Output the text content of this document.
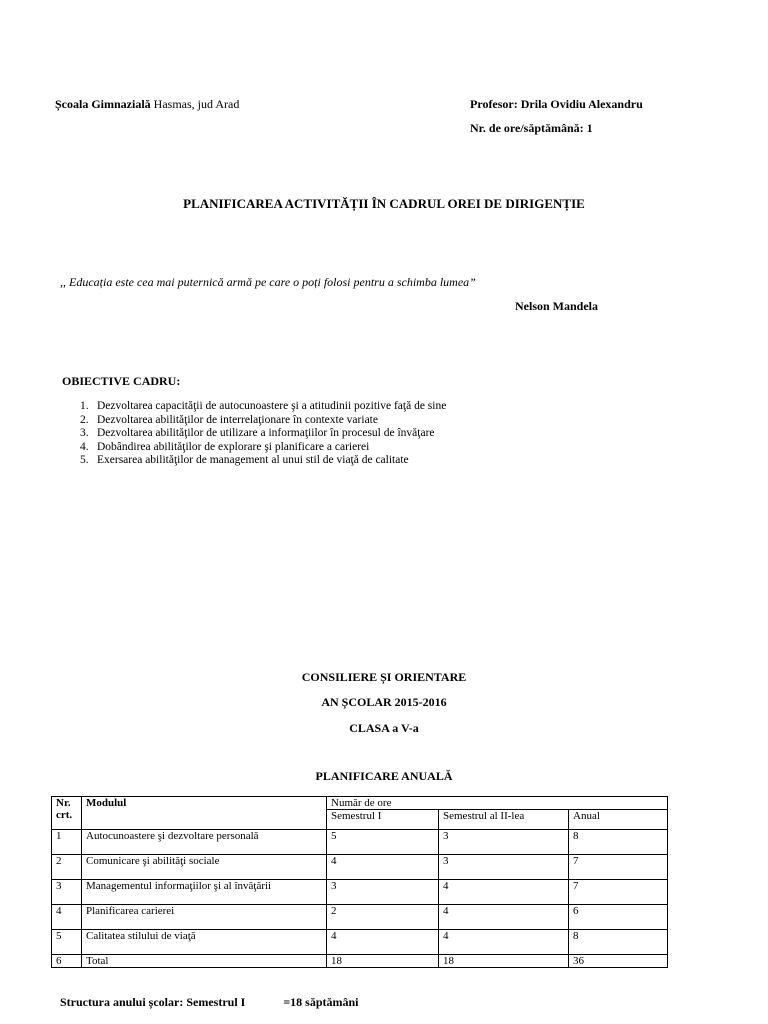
Școala Gimnazială Hasmas, jud Arad	Profesor: Drila Ovidiu Alexandru
Nr. de ore/săptămână: 1
PLANIFICAREA ACTIVITĂȚII ÎN CADRUL OREI DE DIRIGENȚIE
,, Educația este cea mai puternică armă pe care o poți folosi pentru a schimba lumea”
Nelson Mandela
OBIECTIVE CADRU:
1. Dezvoltarea capacităţii de autocunoastere şi a atitudinii pozitive faţă de sine
2. Dezvoltarea abilităţilor de interrelaţionare în contexte variate
3. Dezvoltarea abilităţilor de utilizare a informaţiilor în procesul de învăţare
4. Dobândirea abilităţilor de explorare şi planificare a carierei
5. Exersarea abilităţilor de management al unui stil de viaţă de calitate
CONSILIERE ȘI ORIENTARE
AN ȘCOLAR 2015-2016
CLASA a V-a
PLANIFICARE ANUALĂ
Nr.
crt.	Modulul	Număr de ore		
		Semestrul I	Semestrul al II-lea	Anual
1	Autocunoastere şi dezvoltare personală	5	3	8
2	Comunicare şi abilităţi sociale	4	3	7
3	Managementul informaţiilor şi al învăţării	3	4	7
4	Planificarea carierei	2	4	6
5	Calitatea stilului de viaţă	4	4	8
6	Total	18	18	36
Structura anului școlar: Semestrul I	=18 săptămâni
